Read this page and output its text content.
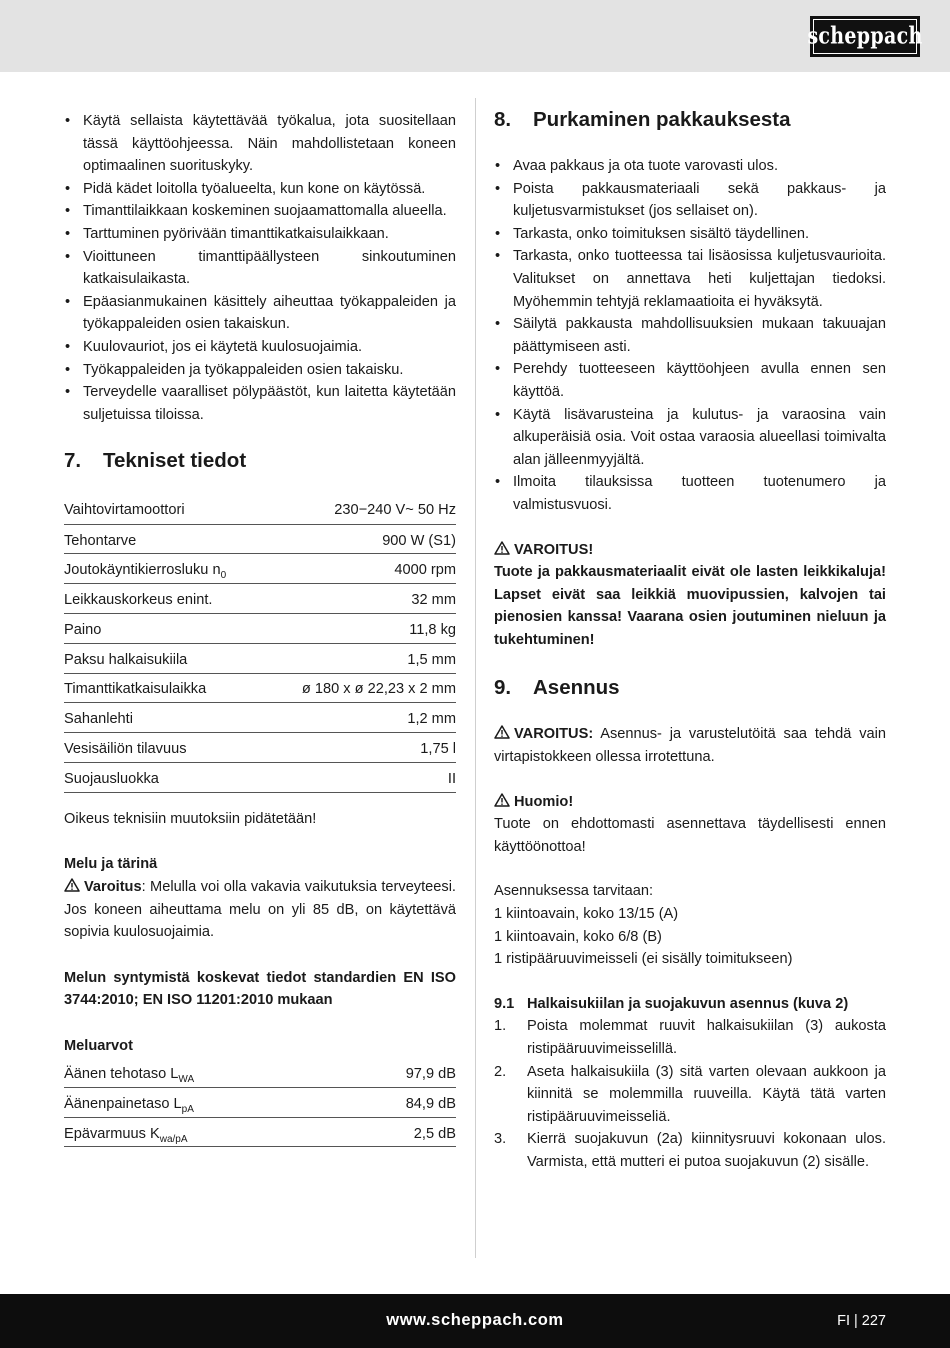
scheppach
• Käytä sellaista käytettävää työkalua, jota suositellaan tässä käyttöohjeessa. Näin mahdollistetaan koneen optimaalinen suorituskyky.
• Pidä kädet loitolla työalueelta, kun kone on käytössä.
• Timanttilaikkaan koskeminen suojaamattomalla alueella.
• Tarttuminen pyörivään timanttikatkaisulaikkaan.
• Vioittuneen timanttipäällysteen sinkoutuminen katkaisulaikasta.
• Epäasianmukainen käsittely aiheuttaa työkappaleiden ja työkappaleiden osien takaiskun.
• Kuulovauriot, jos ei käytetä kuulosuojaimia.
• Työkappaleiden ja työkappaleiden osien takaisku.
• Terveydelle vaaralliset pölypäästöt, kun laitetta käytetään suljetuissa tiloissa.
7.	Tekniset tiedot
Vaihtovirtamoottori	230−240 V~ 50 Hz
Tehontarve	900 W (S1)
Joutokäyntikierrosluku $n_0$	4000 rpm
Leikkauskorkeus enint.	32 mm
Paino	11,8 kg
Paksu halkaisukiila	1,5 mm
Timanttikatkaisulaikka	ø 180 x ø 22,23 x 2 mm
Sahanlehti	1,2 mm
Vesisäiliön tilavuus	1,75 l
Suojausluokka	II

Oikeus teknisiin muutoksiin pidätetään!

Melu ja tärinä

Varoitus: Melulla voi olla vakavia vaikutuksia terveyteesi. Jos koneen aiheuttama melu on yli 85 dB, on käytettävä sopivia kuulosuojaimia.

Melun syntymistä koskevat tiedot standardien EN ISO 3744:2010; EN ISO 11201:2010 mukaan

Meluarvot

Äänen tehotaso $L_{WA}$	97,9 dB
Äänenpainetaso $L_{pA}$	84,9 dB
Epävarmuus $K_{wa/pA}$	2,5 dB
8.	Purkaminen pakkauksesta
• Avaa pakkaus ja ota tuote varovasti ulos.
• Poista pakkausmateriaali sekä pakkaus- ja kuljetusvarmistukset (jos sellaiset on).
• Tarkasta, onko toimituksen sisältö täydellinen.
• Tarkasta, onko tuotteessa tai lisäosissa kuljetusvaurioita. Valitukset on annettava heti kuljettajan tiedoksi. Myöhemmin tehtyjä reklamaatioita ei hyväksytä.
• Säilytä pakkausta mahdollisuuksien mukaan takuuajan päättymiseen asti.
• Perehdy tuotteeseen käyttöohjeen avulla ennen sen käyttöä.
• Käytä lisävarusteina ja kulutus- ja varaosina vain alkuperäisiä osia. Voit ostaa varaosia alueellasi toimivalta alan jälleenmyyjältä.
• Ilmoita tilauksissa tuotteen tuotenumero ja valmistusvuosi.

VAROITUS!

Tuote ja pakkausmateriaalit eivät ole lasten leikkikaluja! Lapset eivät saa leikkiä muovipussien, kalvojen tai pienosien kanssa! Vaarana osien joutuminen nieluun ja tukehtuminen!

9.	Asennus

VAROITUS: Asennus- ja varustelutöitä saa tehdä vain virtapistokkeen ollessa irrotettuna.

Huomio!

Tuote on ehdottomasti asennettava täydellisesti ennen käyttöönottoa!

Asennuksessa tarvitaan:

1 kiintoavain, koko 13/15 (A)

1 kiintoavain, koko 6/8 (B)

1 ristipääruuvimeisseli (ei sisälly toimitukseen)

9.1 Halkaisukiilan ja suojakuvun asennus (kuva 2)
1. Poista molemmat ruuvit halkaisukiilan (3) aukosta ristipääruuvimeisselillä.
2. Aseta halkaisukiila (3) sitä varten olevaan aukkoon ja kiinnitä se molemmilla ruuveilla. Käytä tätä varten ristipääruuvimeisseliä.
3. Kierrä suojakuvun (2a) kiinnitysruuvi kokonaan ulos. Varmista, että mutteri ei putoa suojakuvun (2) sisälle.
www.scheppach.com	FI | 227
